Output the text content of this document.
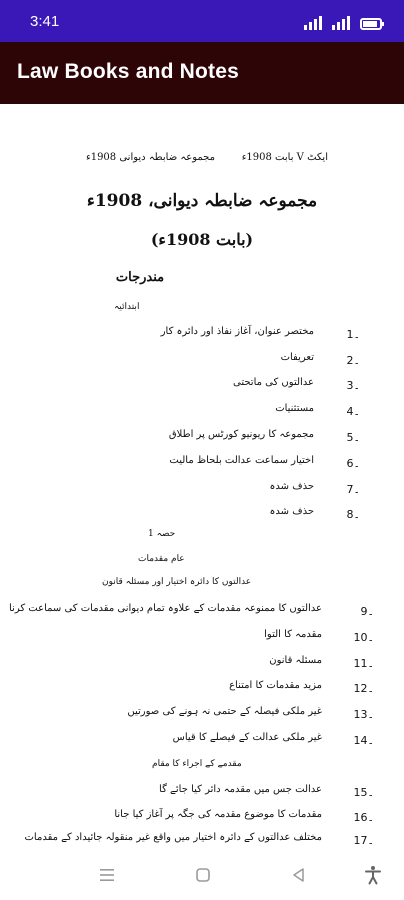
3:41
Law Books and Notes
ایکٹ V بابت 1908ء
مجموعہ ضابطہ دیوانی 1908ء
مجموعہ ضابطہ دیوانی، 1908ء
(بابت 1908ء)
مندرجات
ابتدائیہ
1۔
مختصر عنوان، آغاز نفاذ اور دائرہ کار
2۔
تعریفات
3۔
عدالتوں کی ماتحتی
4۔
مستثنیات
5۔
مجموعہ کا ریونیو کورٹس پر اطلاق
6۔
اختیار سماعت عدالت بلحاظ مالیت
7۔
حذف شدہ
8۔
حذف شدہ
حصہ 1
عام مقدمات
عدالتوں کا دائرہ اختیار اور مسئلہ قانون
9۔
عدالتوں کا ممنوعہ مقدمات کے علاوہ تمام دیوانی مقدمات کی سماعت کرنا
10۔
مقدمہ کا التوا
11۔
مسئلہ قانون
12۔
مزید مقدمات کا امتناع
13۔
غیر ملکی فیصلہ کے حتمی نہ ہونے کی صورتیں
14۔
غیر ملکی عدالت کے فیصلے کا قیاس
مقدمے کے اجراء کا مقام
15۔
عدالت جس میں مقدمہ دائر کیا جائے گا
16۔
مقدمات کا موضوع مقدمہ کی جگہ پر آغاز کیا جانا
17۔
مختلف عدالتوں کے دائرہ اختیار میں واقع غیر منقولہ جائیداد کے مقدمات
